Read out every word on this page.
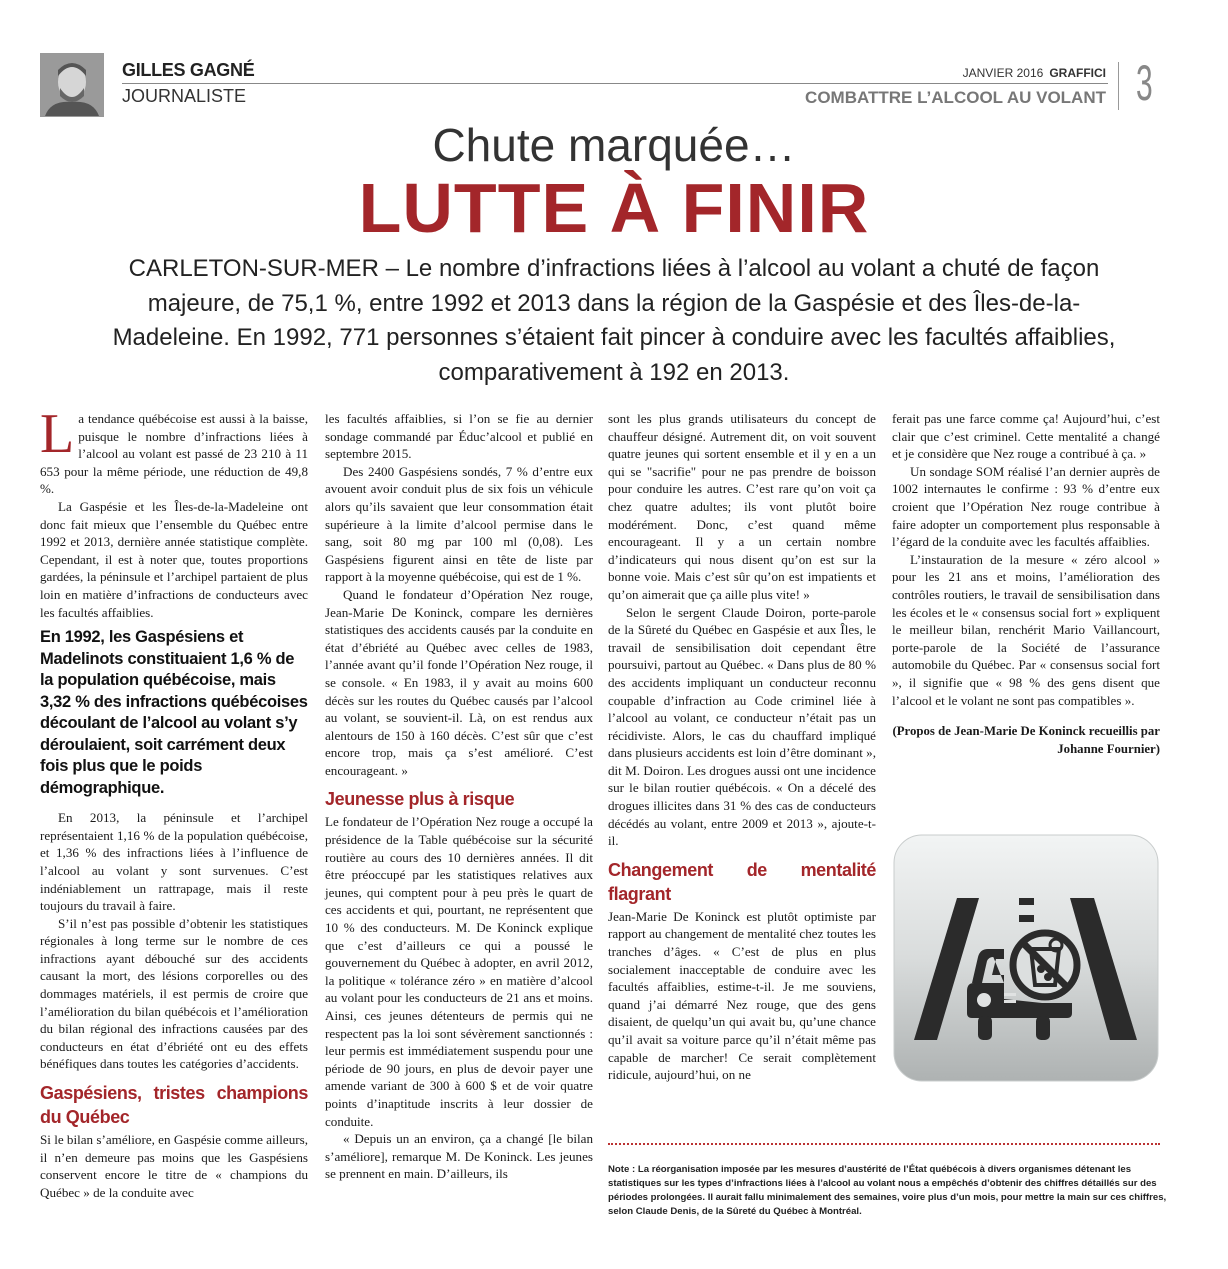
GILLES GAGNÉ
JOURNALISTE
JANVIER 2016 GRAFFICI
COMBATTRE L’ALCOOL AU VOLANT 3
Chute marquée…
LUTTE À FINIR
CARLETON-SUR-MER – Le nombre d’infractions liées à l’alcool au volant a chuté de façon majeure, de 75,1 %, entre 1992 et 2013 dans la région de la Gaspésie et des Îles-de-la-Madeleine. En 1992, 771 personnes s’étaient fait pincer à conduire avec les facultés affaiblies, comparativement à 192 en 2013.
L a tendance québécoise est aussi à la baisse, puisque le nombre d’infractions liées à l’alcool au volant est passé de 23 210 à 11 653 pour la même période, une réduction de 49,8 %.

La Gaspésie et les Îles-de-la-Madeleine ont donc fait mieux que l’ensemble du Québec entre 1992 et 2013, dernière année statistique complète. Cependant, il est à noter que, toutes proportions gardées, la péninsule et l’archipel partaient de plus loin en matière d’infractions de conducteurs avec les facultés affaiblies.

En 1992, les Gaspésiens et Madelinots constituaient 1,6 % de la population québécoise, mais 3,32 % des infractions québécoises découlant de l’alcool au volant s’y déroulaient, soit carrément deux fois plus que le poids démographique.

En 2013, la péninsule et l’archipel représentaient 1,16 % de la population québécoise, et 1,36 % des infractions liées à l’influence de l’alcool au volant y sont survenues. C’est indéniablement un rattrapage, mais il reste toujours du travail à faire.

S’il n’est pas possible d’obtenir les statistiques régionales à long terme sur le nombre de ces infractions ayant débouché sur des accidents causant la mort, des lésions corporelles ou des dommages matériels, il est permis de croire que l’amélioration du bilan québécois et l’amélioration du bilan régional des infractions causées par des conducteurs en état d’ébriété ont eu des effets bénéfiques dans toutes les catégories d’accidents.

Gaspésiens, tristes champions du Québec

Si le bilan s’améliore, en Gaspésie comme ailleurs, il n’en demeure pas moins que les Gaspésiens conservent encore le titre de « champions du Québec » de la conduite avec

les facultés affaiblies, si l’on se fie au dernier sondage commandé par Éduc’alcool et publié en septembre 2015.

Des 2400 Gaspésiens sondés, 7 % d’entre eux avouent avoir conduit plus de six fois un véhicule alors qu’ils savaient que leur consommation était supérieure à la limite d’alcool permise dans le sang, soit 80 mg par 100 ml (0,08). Les Gaspésiens figurent ainsi en tête de liste par rapport à la moyenne québécoise, qui est de 1 %.

Quand le fondateur d’Opération Nez rouge, Jean-Marie De Koninck, compare les dernières statistiques des accidents causés par la conduite en état d’ébriété au Québec avec celles de 1983, l’année avant qu’il fonde l’Opération Nez rouge, il se console. « En 1983, il y avait au moins 600 décès sur les routes du Québec causés par l’alcool au volant, se souvient-il. Là, on est rendus aux alentours de 150 à 160 décès. C’est sûr que c’est encore trop, mais ça s’est amélioré. C’est encourageant. »

Jeunesse plus à risque

Le fondateur de l’Opération Nez rouge a occupé la présidence de la Table québécoise sur la sécurité routière au cours des 10 dernières années. Il dit être préoccupé par les statistiques relatives aux jeunes, qui comptent pour à peu près le quart de ces accidents et qui, pourtant, ne représentent que 10 % des conducteurs. M. De Koninck explique que c’est d’ailleurs ce qui a poussé le gouvernement du Québec à adopter, en avril 2012, la politique « tolérance zéro » en matière d’alcool au volant pour les conducteurs de 21 ans et moins. Ainsi, ces jeunes détenteurs de permis qui ne respectent pas la loi sont sévèrement sanctionnés : leur permis est immédiatement suspendu pour une période de 90 jours, en plus de devoir payer une amende variant de 300 à 600 $ et de voir quatre points d’inaptitude inscrits à leur dossier de conduite.

« Depuis un an environ, ça a changé [le bilan s’améliore], remarque M. De Koninck. Les jeunes se prennent en main. D’ailleurs, ils

sont les plus grands utilisateurs du concept de chauffeur désigné. Autrement dit, on voit souvent quatre jeunes qui sortent ensemble et il y en a un qui se "sacrifie" pour ne pas prendre de boisson pour conduire les autres. C’est rare qu’on voit ça chez quatre adultes; ils vont plutôt boire modérément. Donc, c’est quand même encourageant. Il y a un certain nombre d’indicateurs qui nous disent qu’on est sur la bonne voie. Mais c’est sûr qu’on est impatients et qu’on aimerait que ça aille plus vite! »

Selon le sergent Claude Doiron, porte-parole de la Sûreté du Québec en Gaspésie et aux Îles, le travail de sensibilisation doit cependant être poursuivi, partout au Québec. « Dans plus de 80 % des accidents impliquant un conducteur reconnu coupable d’infraction au Code criminel liée à l’alcool au volant, ce conducteur n’était pas un récidiviste. Alors, le cas du chauffard impliqué dans plusieurs accidents est loin d’être dominant », dit M. Doiron. Les drogues aussi ont une incidence sur le bilan routier québécois. « On a décelé des drogues illicites dans 31 % des cas de conducteurs décédés au volant, entre 2009 et 2013 », ajoute-t-il.

Changement de mentalité flagrant

Jean-Marie De Koninck est plutôt optimiste par rapport au changement de mentalité chez toutes les tranches d’âges. « C’est de plus en plus socialement inacceptable de conduire avec les facultés affaiblies, estime-t-il. Je me souviens, quand j’ai démarré Nez rouge, que des gens disaient, de quelqu’un qui avait bu, qu’une chance qu’il avait sa voiture parce qu’il n’était même pas capable de marcher! Ce serait complètement ridicule, aujourd’hui, on ne

ferait pas une farce comme ça! Aujourd’hui, c’est clair que c’est criminel. Cette mentalité a changé et je considère que Nez rouge a contribué à ça. »

Un sondage SOM réalisé l’an dernier auprès de 1002 internautes le confirme : 93 % d’entre eux croient que l’Opération Nez rouge contribue à faire adopter un comportement plus responsable à l’égard de la conduite avec les facultés affaiblies.

L’instauration de la mesure « zéro alcool » pour les 21 ans et moins, l’amélioration des contrôles routiers, le travail de sensibilisation dans les écoles et le « consensus social fort » expliquent le meilleur bilan, renchérit Mario Vaillancourt, porte-parole de la Société de l’assurance automobile du Québec. Par « consensus social fort », il signifie que « 98 % des gens disent que l’alcool et le volant ne sont pas compatibles ».

(Propos de Jean-Marie De Koninck recueillis par Johanne Fournier)
Note : La réorganisation imposée par les mesures d’austérité de l’État québécois à divers organismes détenant les statistiques sur les types d’infractions liées à l’alcool au volant nous a empêchés d’obtenir des chiffres détaillés sur des périodes prolongées. Il aurait fallu minimalement des semaines, voire plus d’un mois, pour mettre la main sur ces chiffres, selon Claude Denis, de la Sûreté du Québec à Montréal.
